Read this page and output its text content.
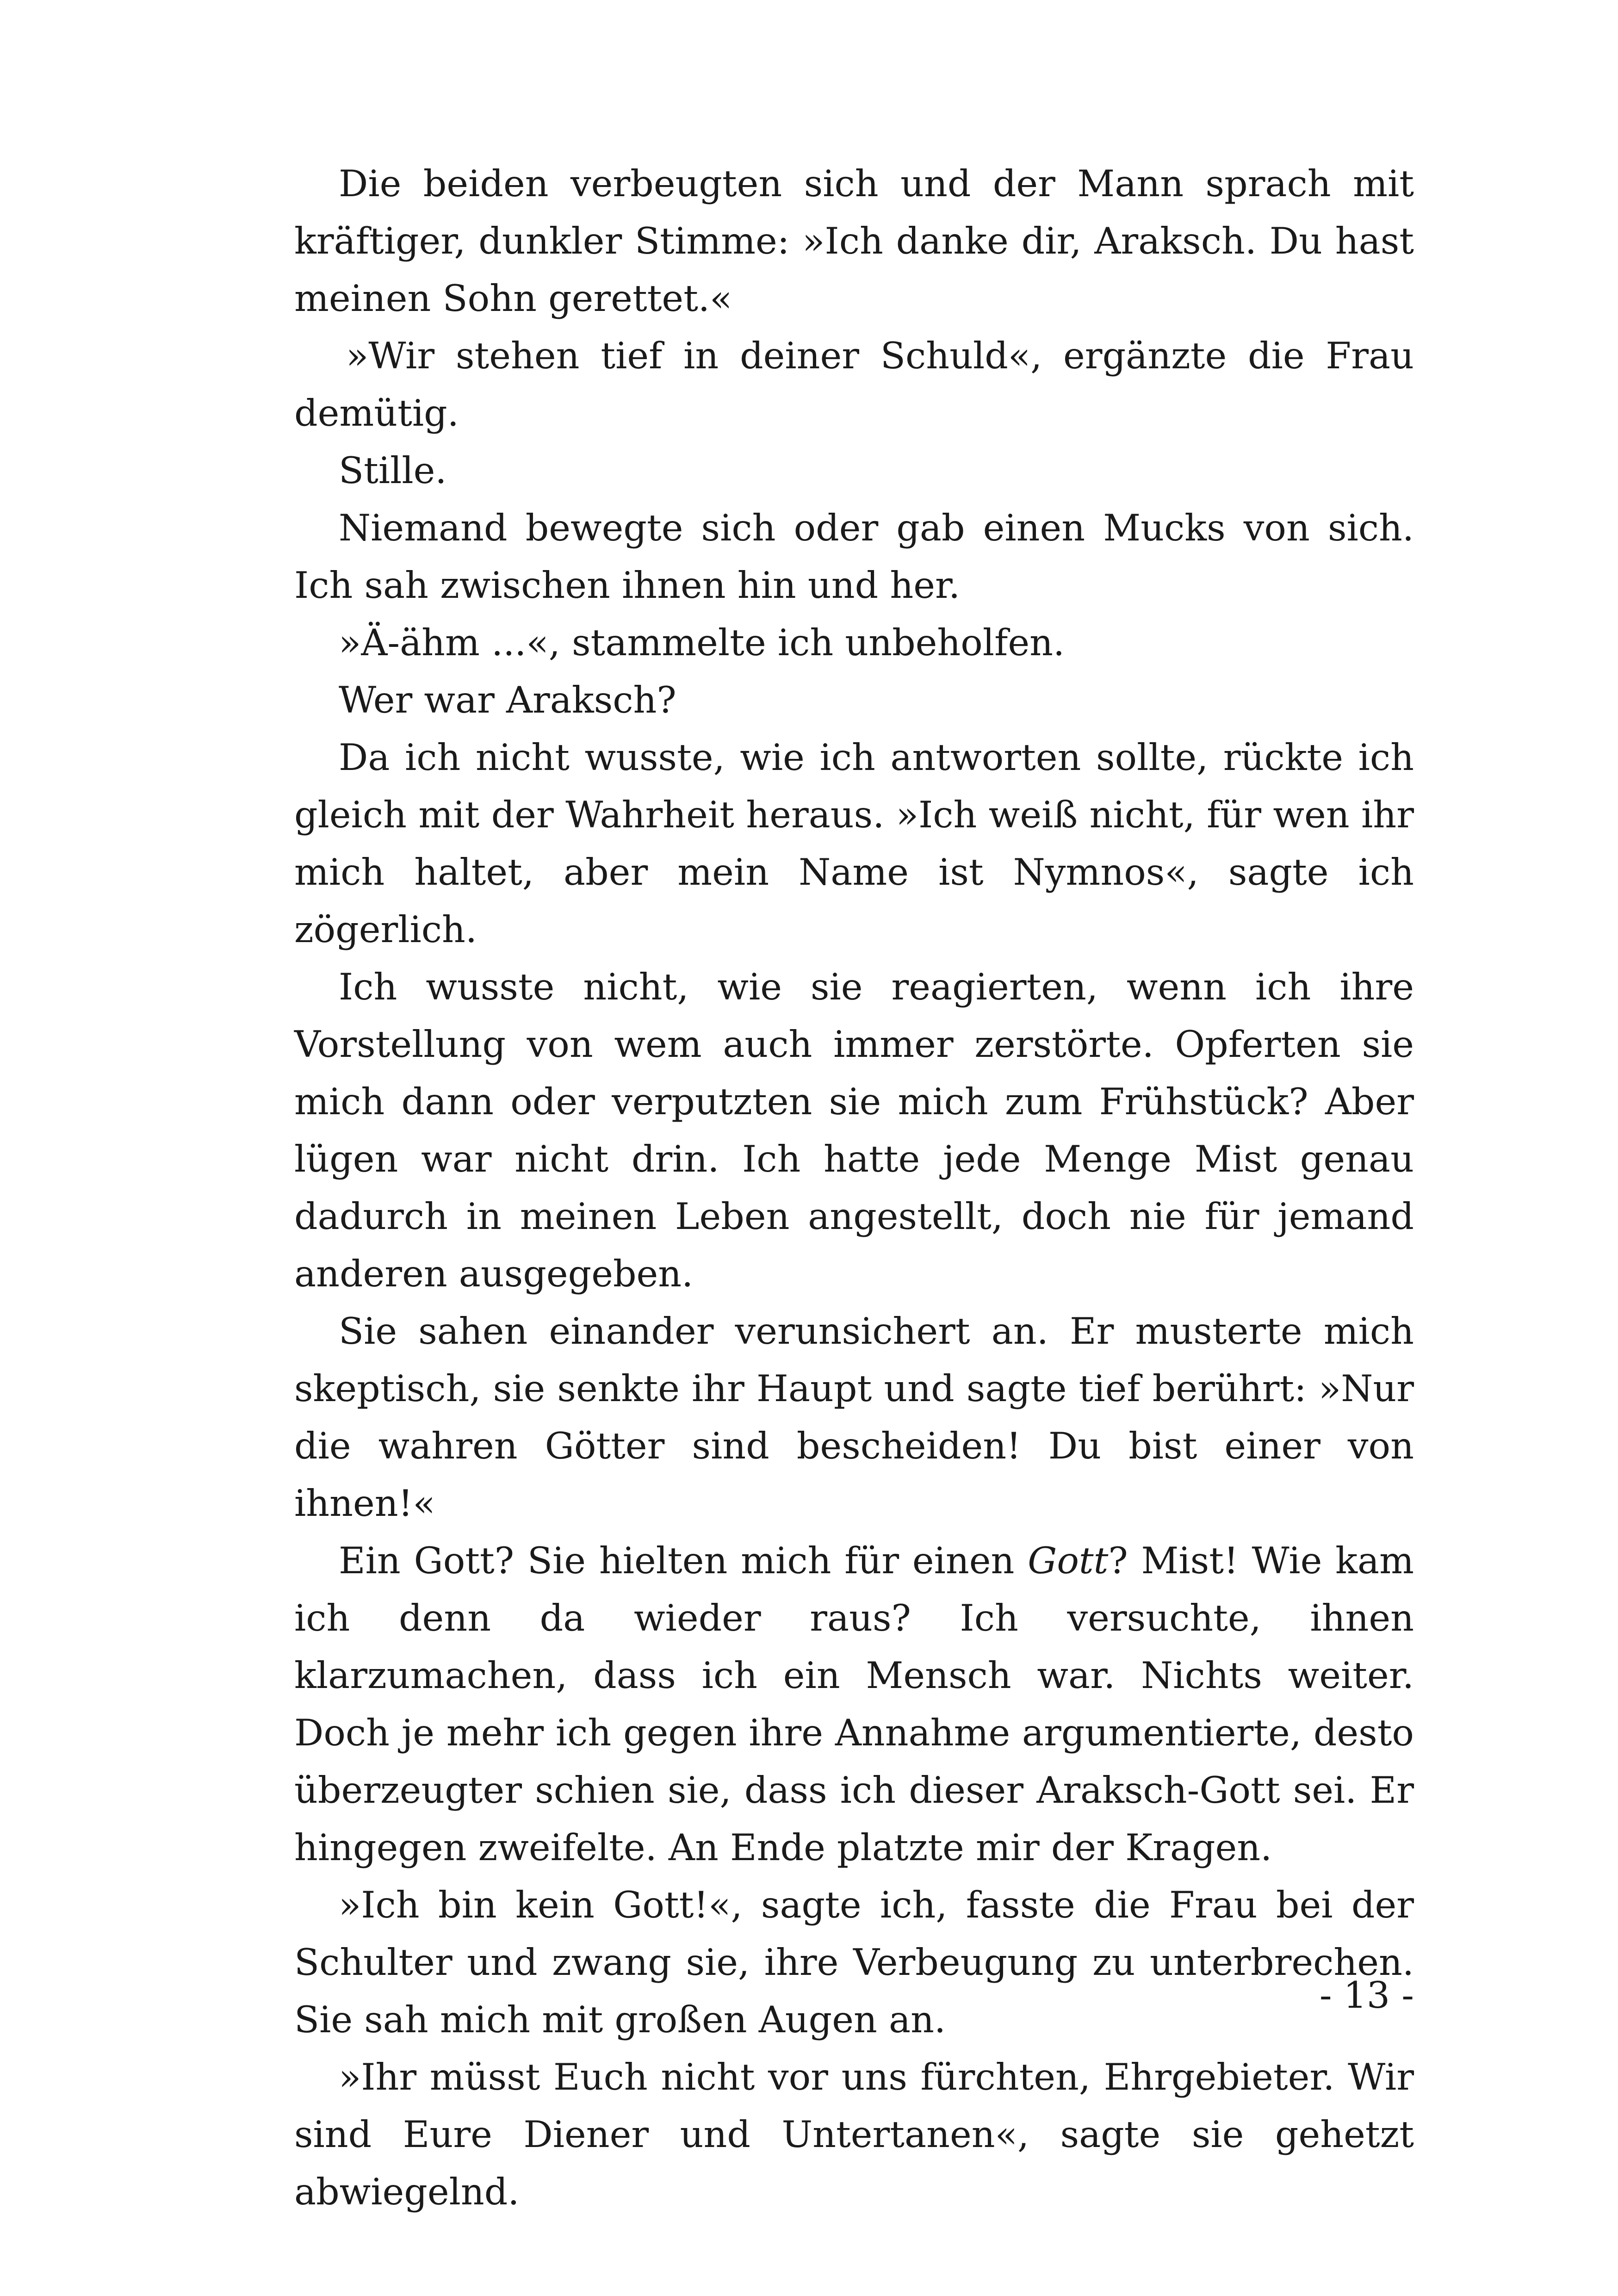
Die beiden verbeugten sich und der Mann sprach mit kräftiger, dunkler Stimme: »Ich danke dir, Araksch. Du hast meinen Sohn gerettet.«

»Wir stehen tief in deiner Schuld«, ergänzte die Frau demütig.

Stille.

Niemand bewegte sich oder gab einen Mucks von sich. Ich sah zwischen ihnen hin und her.

»Ä-ähm ...«, stammelte ich unbeholfen.

Wer war Araksch?

Da ich nicht wusste, wie ich antworten sollte, rückte ich gleich mit der Wahrheit heraus. »Ich weiß nicht, für wen ihr mich haltet, aber mein Name ist Nymnos«, sagte ich zögerlich.

Ich wusste nicht, wie sie reagierten, wenn ich ihre Vorstellung von wem auch immer zerstörte. Opferten sie mich dann oder verputzten sie mich zum Frühstück? Aber lügen war nicht drin. Ich hatte jede Menge Mist genau dadurch in meinen Leben angestellt, doch nie für jemand anderen ausgegeben.

Sie sahen einander verunsichert an. Er musterte mich skeptisch, sie senkte ihr Haupt und sagte tief berührt: »Nur die wahren Götter sind bescheiden! Du bist einer von ihnen!«

Ein Gott? Sie hielten mich für einen Gott? Mist! Wie kam ich denn da wieder raus? Ich versuchte, ihnen klarzumachen, dass ich ein Mensch war. Nichts weiter. Doch je mehr ich gegen ihre Annahme argumentierte, desto überzeugter schien sie, dass ich dieser Araksch-Gott sei. Er hingegen zweifelte. An Ende platzte mir der Kragen.

»Ich bin kein Gott!«, sagte ich, fasste die Frau bei der Schulter und zwang sie, ihre Verbeugung zu unterbrechen. Sie sah mich mit großen Augen an.

»Ihr müsst Euch nicht vor uns fürchten, Ehrgebieter. Wir sind Eure Diener und Untertanen«, sagte sie gehetzt abwiegelnd.

- 13 -
